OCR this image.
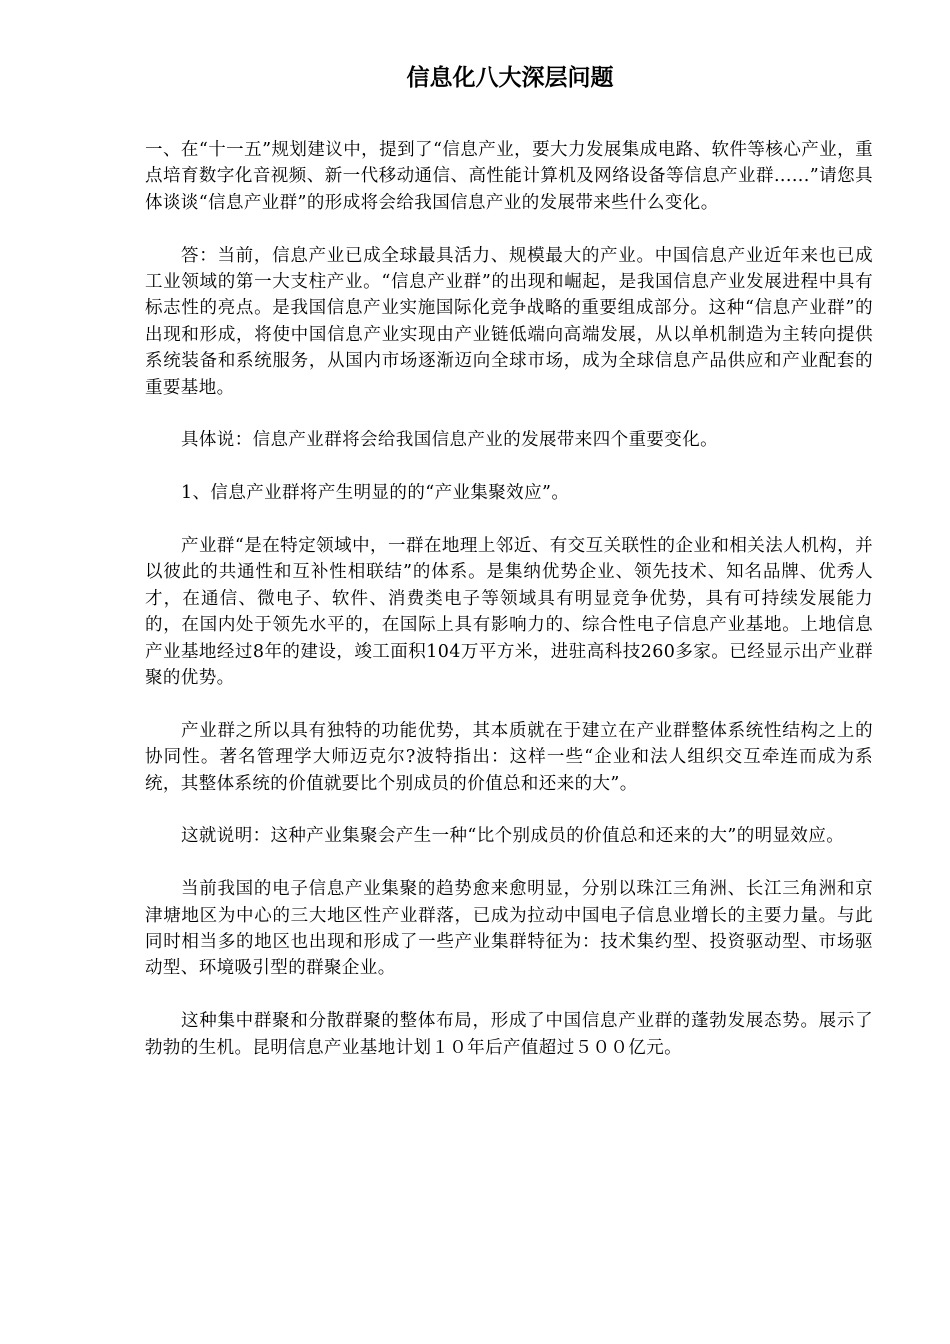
信息化八大深层问题

一、在“十一五”规划建议中，提到了“信息产业，要大力发展集成电路、软件等核心产业，重点培育数字化音视频、新一代移动通信、高性能计算机及网络设备等信息产业群......”请您具体谈谈“信息产业群”的形成将会给我国信息产业的发展带来些什么变化。

答：当前，信息产业已成全球最具活力、规模最大的产业。中国信息产业近年来也已成工业领域的第一大支柱产业。“信息产业群”的出现和崛起，是我国信息产业发展进程中具有标志性的亮点。是我国信息产业实施国际化竞争战略的重要组成部分。这种“信息产业群”的出现和形成，将使中国信息产业实现由产业链低端向高端发展，从以单机制造为主转向提供系统装备和系统服务，从国内市场逐渐迈向全球市场，成为全球信息产品供应和产业配套的重要基地。

具体说：信息产业群将会给我国信息产业的发展带来四个重要变化。

1、信息产业群将产生明显的的“产业集聚效应”。

产业群“是在特定领域中，一群在地理上邻近、有交互关联性的企业和相关法人机构，并以彼此的共通性和互补性相联结”的体系。是集纳优势企业、领先技术、知名品牌、优秀人才，在通信、微电子、软件、消费类电子等领域具有明显竞争优势，具有可持续发展能力的，在国内处于领先水平的，在国际上具有影响力的、综合性电子信息产业基地。上地信息产业基地经过8年的建设，竣工面积104万平方米，进驻高科技260多家。已经显示出产业群聚的优势。

产业群之所以具有独特的功能优势，其本质就在于建立在产业群整体系统性结构之上的协同性。著名管理学大师迈克尔?波特指出：这样一些“企业和法人组织交互牵连而成为系统，其整体系统的价值就要比个别成员的价值总和还来的大”。

这就说明：这种产业集聚会产生一种“比个别成员的价值总和还来的大”的明显效应。

当前我国的电子信息产业集聚的趋势愈来愈明显，分别以珠江三角洲、长江三角洲和京津塘地区为中心的三大地区性产业群落，已成为拉动中国电子信息业增长的主要力量。与此同时相当多的地区也出现和形成了一些产业集群特征为：技术集约型、投资驱动型、市场驱动型、环境吸引型的群聚企业。

这种集中群聚和分散群聚的整体布局，形成了中国信息产业群的蓬勃发展态势。展示了勃勃的生机。昆明信息产业基地计划１０年后产值超过５００亿元。
